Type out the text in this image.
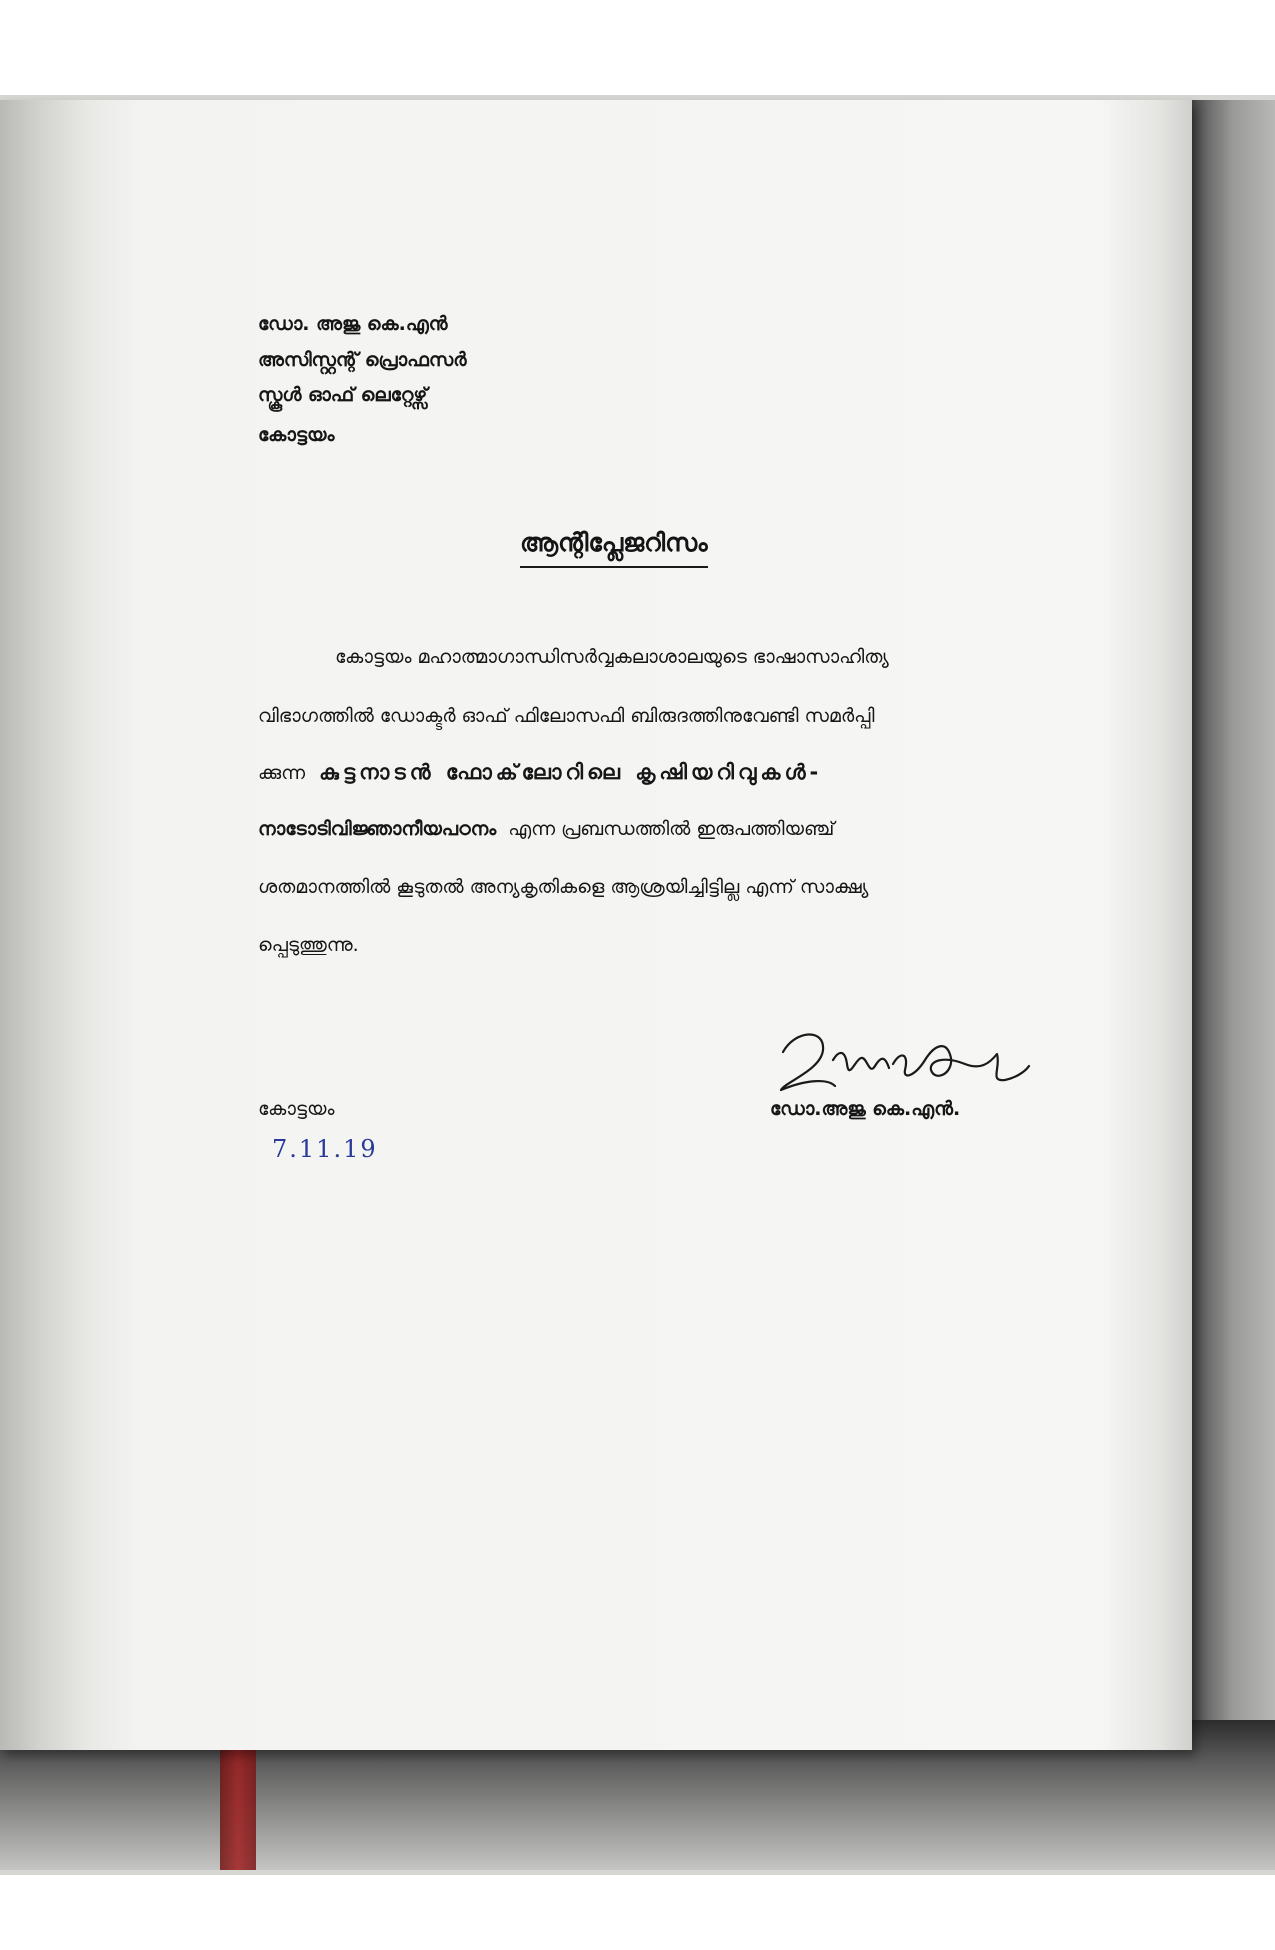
ഡോ. അജു കെ.എൻ
അസിസ്റ്റന്റ് പ്രൊഫസർ
സ്കൂൾ ഓഫ് ലെറ്റേഴ്സ്
കോട്ടയം
ആന്റിപ്ലേജറിസം
കോട്ടയം മഹാത്മാഗാന്ധിസർവ്വകലാശാലയുടെ ഭാഷാസാഹിത്യ
വിഭാഗത്തിൽ ഡോക്ടർ ഓഫ് ഫിലോസഫി ബിരുദത്തിനുവേണ്ടി സമർപ്പി
ക്കുന്ന കുട്ടനാടൻ ഫോക്‌ലോറിലെ കൃഷിയറിവുകൾ-
നാടോടിവിജ്ഞാനീയപഠനം എന്ന പ്രബന്ധത്തിൽ ഇരുപത്തിയഞ്ച്
ശതമാനത്തിൽ കൂടുതൽ അന്യകൃതികളെ ആശ്രയിച്ചിട്ടില്ല എന്ന് സാക്ഷ്യ
പ്പെടുത്തുന്നു.
കോട്ടയം
7.11.19
ഡോ.അജു കെ.എൻ.
